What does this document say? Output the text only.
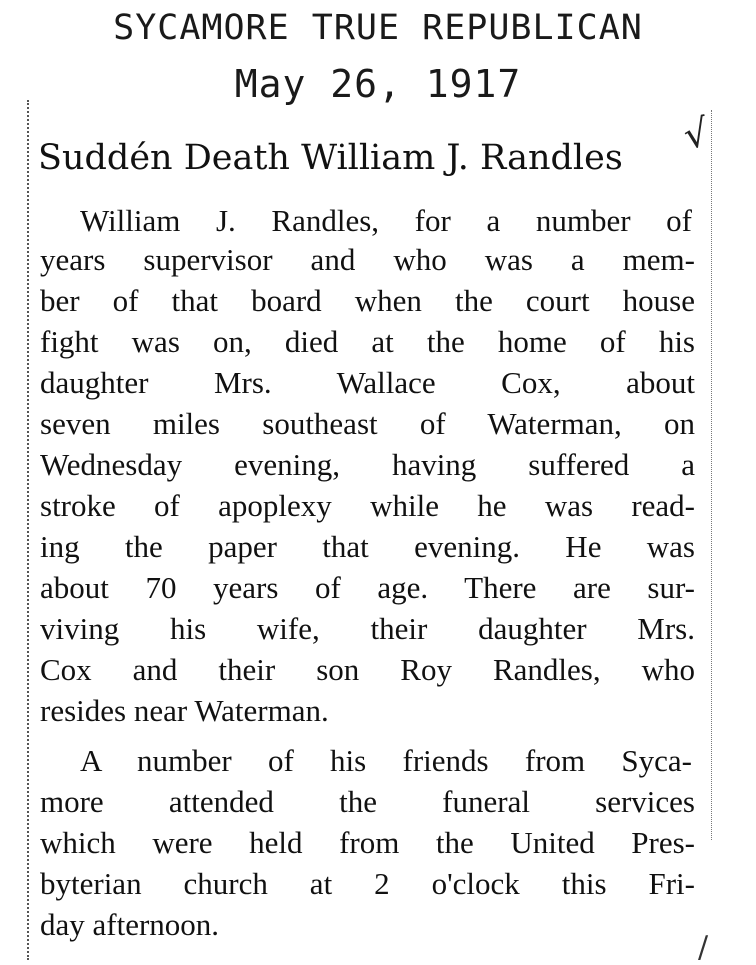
SYCAMORE TRUE REPUBLICAN
May 26, 1917
√
/
Suddén Death William J. Randles
William J. Randles, for a number of
years supervisor and who was a mem-
ber of that board when the court house
fight was on, died at the home of his
daughter Mrs. Wallace Cox, about
seven miles southeast of Waterman, on
Wednesday evening, having suffered a
stroke of apoplexy while he was read-
ing the paper that evening. He was
about 70 years of age. There are sur-
viving his wife, their daughter Mrs.
Cox and their son Roy Randles, who
resides near Waterman.
A number of his friends from Syca-
more attended the funeral services
which were held from the United Pres-
byterian church at 2 o'clock this Fri-
day afternoon.
